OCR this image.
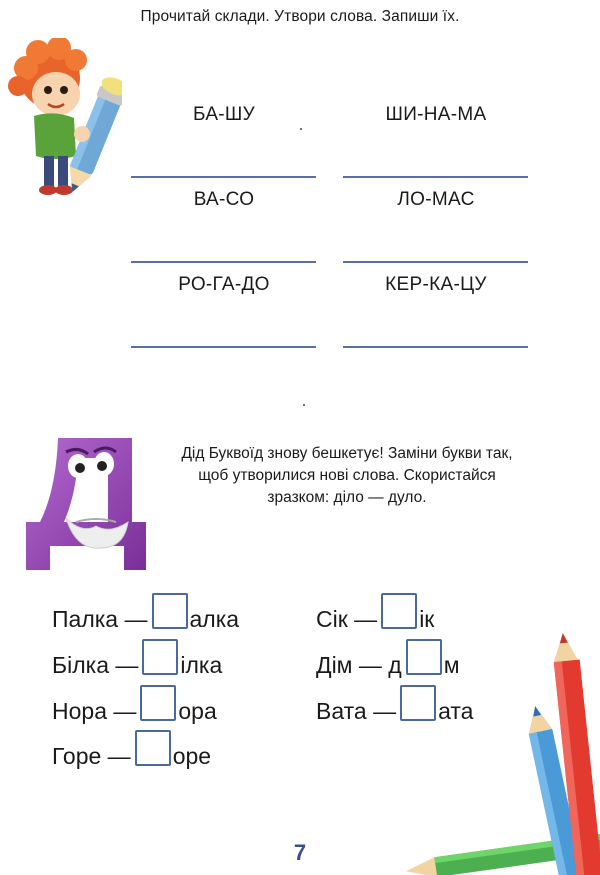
Прочитай склади. Утвори слова. Запиши їх.
БА-ШУ	ШИ-НА-МА
ВА-СО	ЛО-МАС
РО-ГА-ДО	КЕР-КА-ЦУ
Дід Буквоїд знову бешкетує! Заміни букви так,
щоб утворилися нові слова. Скористайся
зразком: діло — дуло.
Палка — алка
Білка — ілка
Нора — ора
Горе — оре
Сік — ік
Дім — д м
Вата — ата
7
